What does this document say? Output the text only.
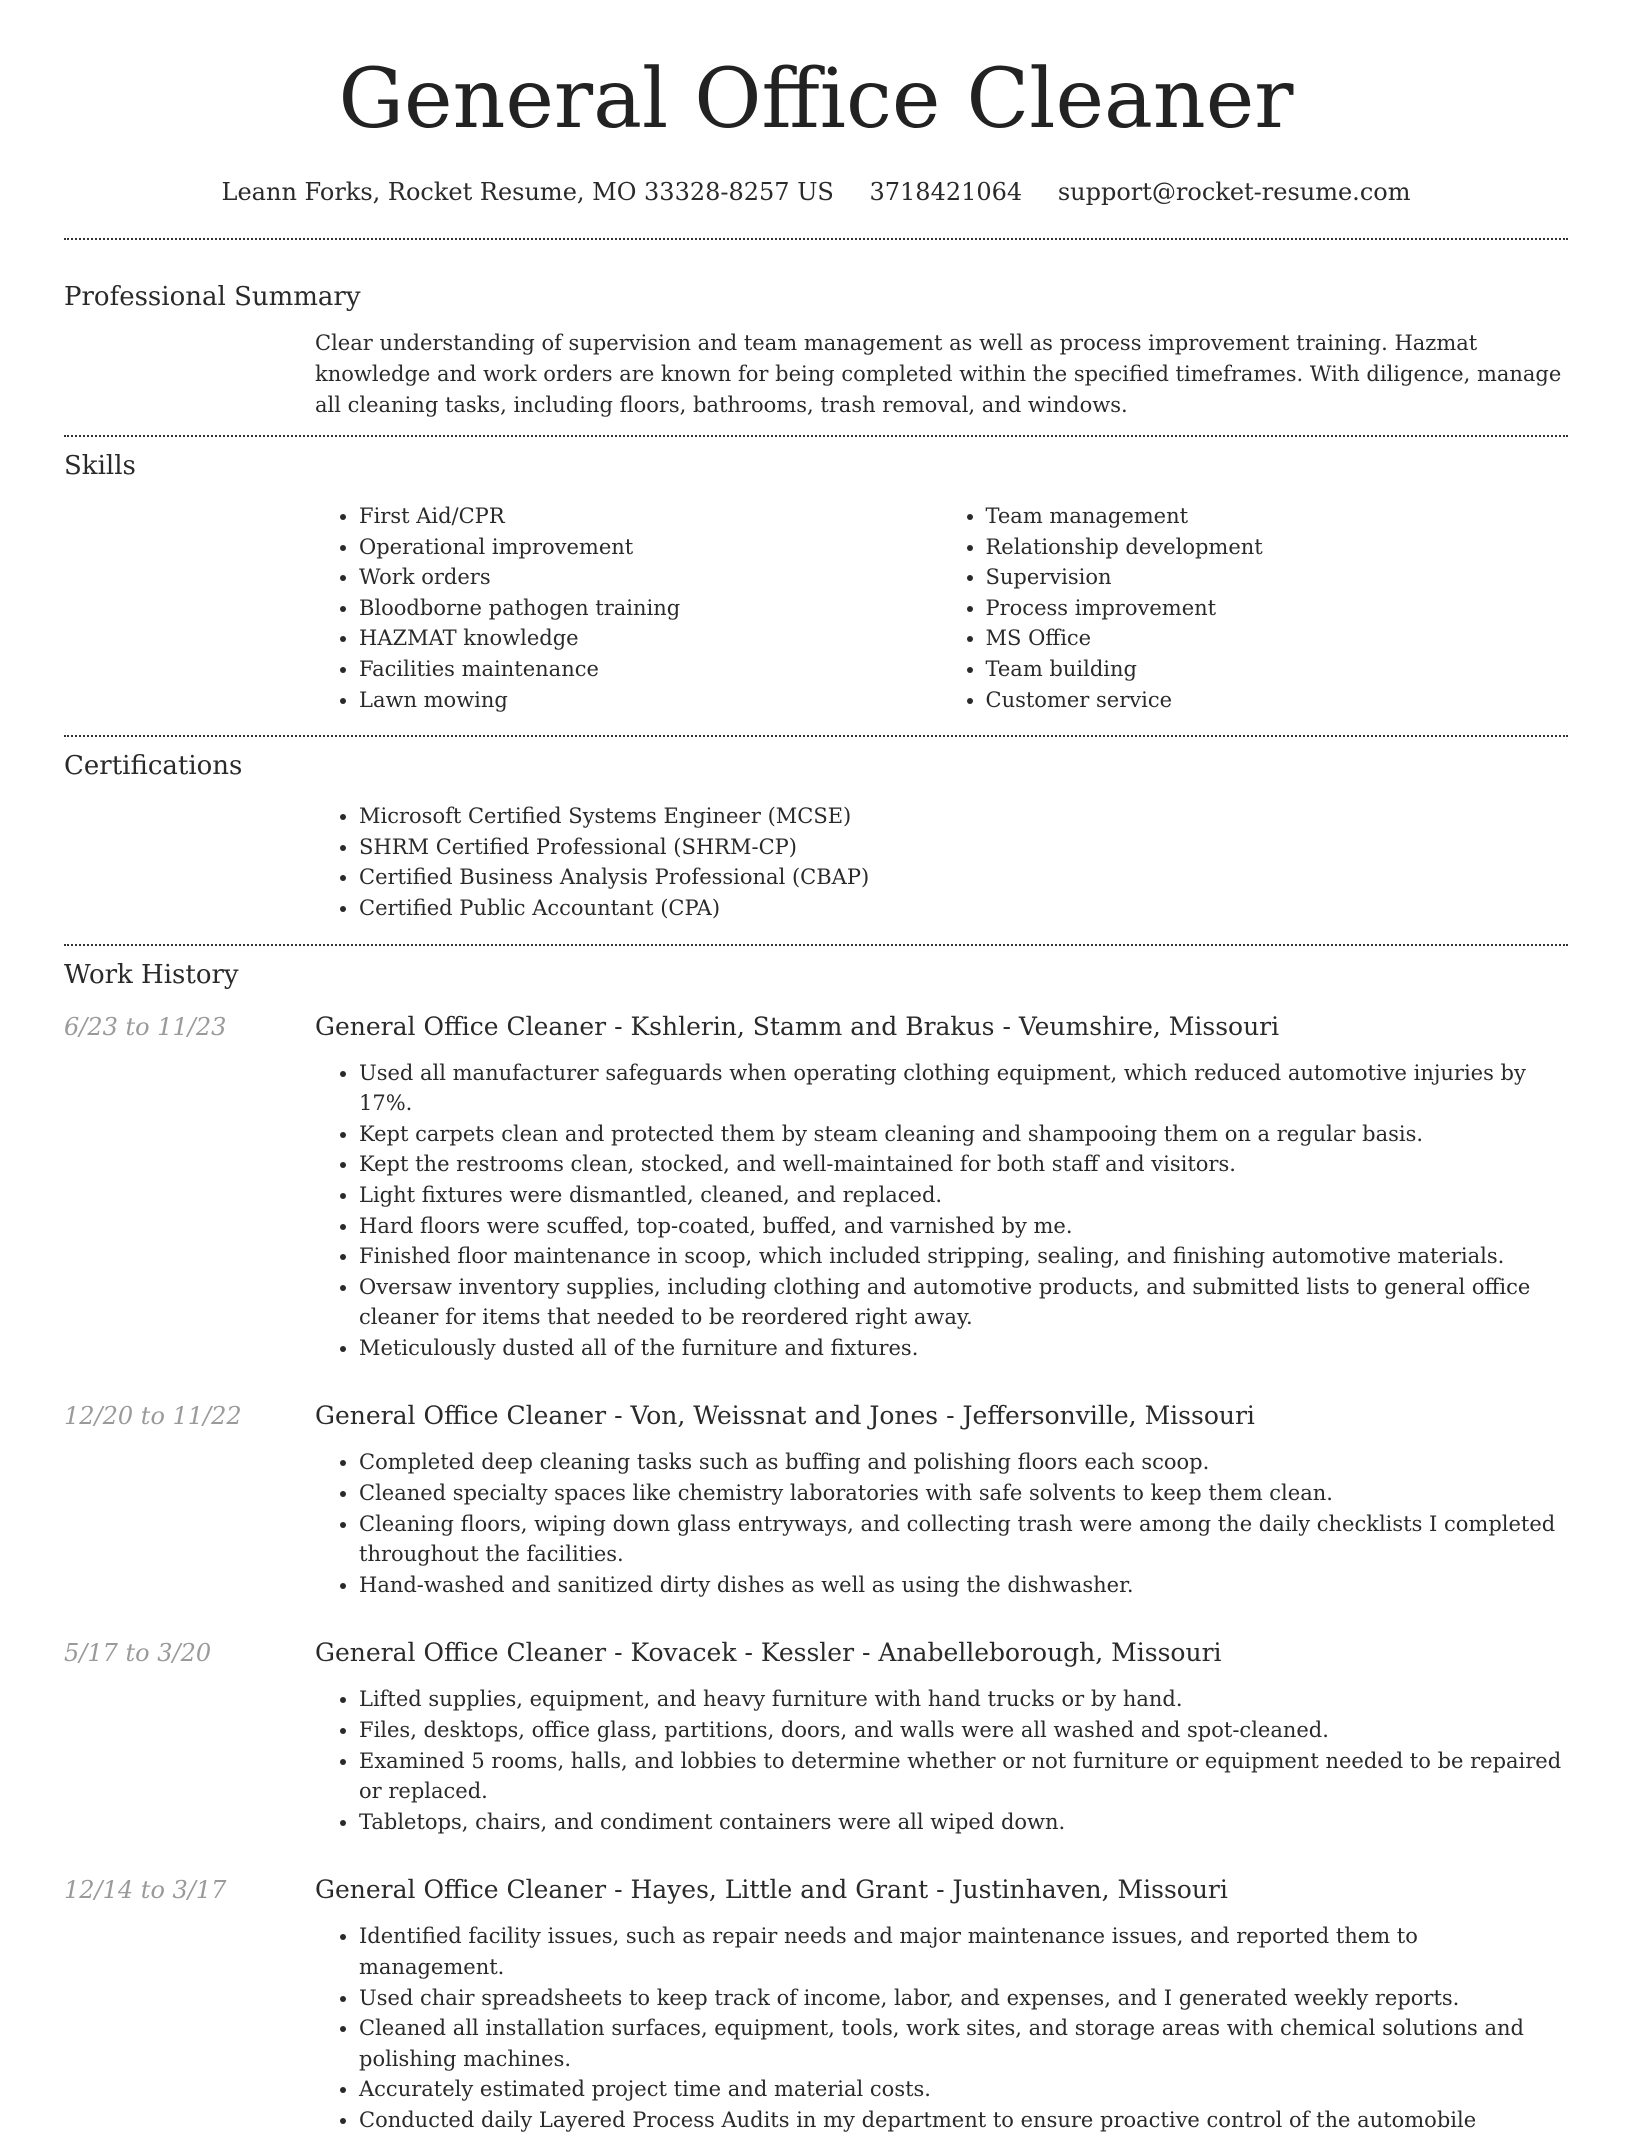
General Office Cleaner
Leann Forks, Rocket Resume, MO 33328-8257 US 3718421064 support@rocket-resume.com
Professional Summary
Clear understanding of supervision and team management as well as process improvement training. Hazmat knowledge and work orders are known for being completed within the specified timeframes. With diligence, manage all cleaning tasks, including floors, bathrooms, trash removal, and windows.
Skills
• First Aid/CPR
• Operational improvement
• Work orders
• Bloodborne pathogen training
• HAZMAT knowledge
• Facilities maintenance
• Lawn mowing
• Team management
• Relationship development
• Supervision
• Process improvement
• MS Office
• Team building
• Customer service
Certifications
• Microsoft Certified Systems Engineer (MCSE)
• SHRM Certified Professional (SHRM-CP)
• Certified Business Analysis Professional (CBAP)
• Certified Public Accountant (CPA)
Work History
6/23 to 11/23	General Office Cleaner - Kshlerin, Stamm and Brakus - Veumshire, Missouri
• Used all manufacturer safeguards when operating clothing equipment, which reduced automotive injuries by 17%.
• Kept carpets clean and protected them by steam cleaning and shampooing them on a regular basis.
• Kept the restrooms clean, stocked, and well-maintained for both staff and visitors.
• Light fixtures were dismantled, cleaned, and replaced.
• Hard floors were scuffed, top-coated, buffed, and varnished by me.
• Finished floor maintenance in scoop, which included stripping, sealing, and finishing automotive materials.
• Oversaw inventory supplies, including clothing and automotive products, and submitted lists to general office cleaner for items that needed to be reordered right away.
• Meticulously dusted all of the furniture and fixtures.
12/20 to 11/22	General Office Cleaner - Von, Weissnat and Jones - Jeffersonville, Missouri
• Completed deep cleaning tasks such as buffing and polishing floors each scoop.
• Cleaned specialty spaces like chemistry laboratories with safe solvents to keep them clean.
• Cleaning floors, wiping down glass entryways, and collecting trash were among the daily checklists I completed throughout the facilities.
• Hand-washed and sanitized dirty dishes as well as using the dishwasher.
5/17 to 3/20	General Office Cleaner - Kovacek - Kessler - Anabelleborough, Missouri
• Lifted supplies, equipment, and heavy furniture with hand trucks or by hand.
• Files, desktops, office glass, partitions, doors, and walls were all washed and spot-cleaned.
• Examined 5 rooms, halls, and lobbies to determine whether or not furniture or equipment needed to be repaired or replaced.
• Tabletops, chairs, and condiment containers were all wiped down.
12/14 to 3/17	General Office Cleaner - Hayes, Little and Grant - Justinhaven, Missouri
• Identified facility issues, such as repair needs and major maintenance issues, and reported them to management.
• Used chair spreadsheets to keep track of income, labor, and expenses, and I generated weekly reports.
• Cleaned all installation surfaces, equipment, tools, work sites, and storage areas with chemical solutions and polishing machines.
• Accurately estimated project time and material costs.
• Conducted daily Layered Process Audits in my department to ensure proactive control of the automobile
